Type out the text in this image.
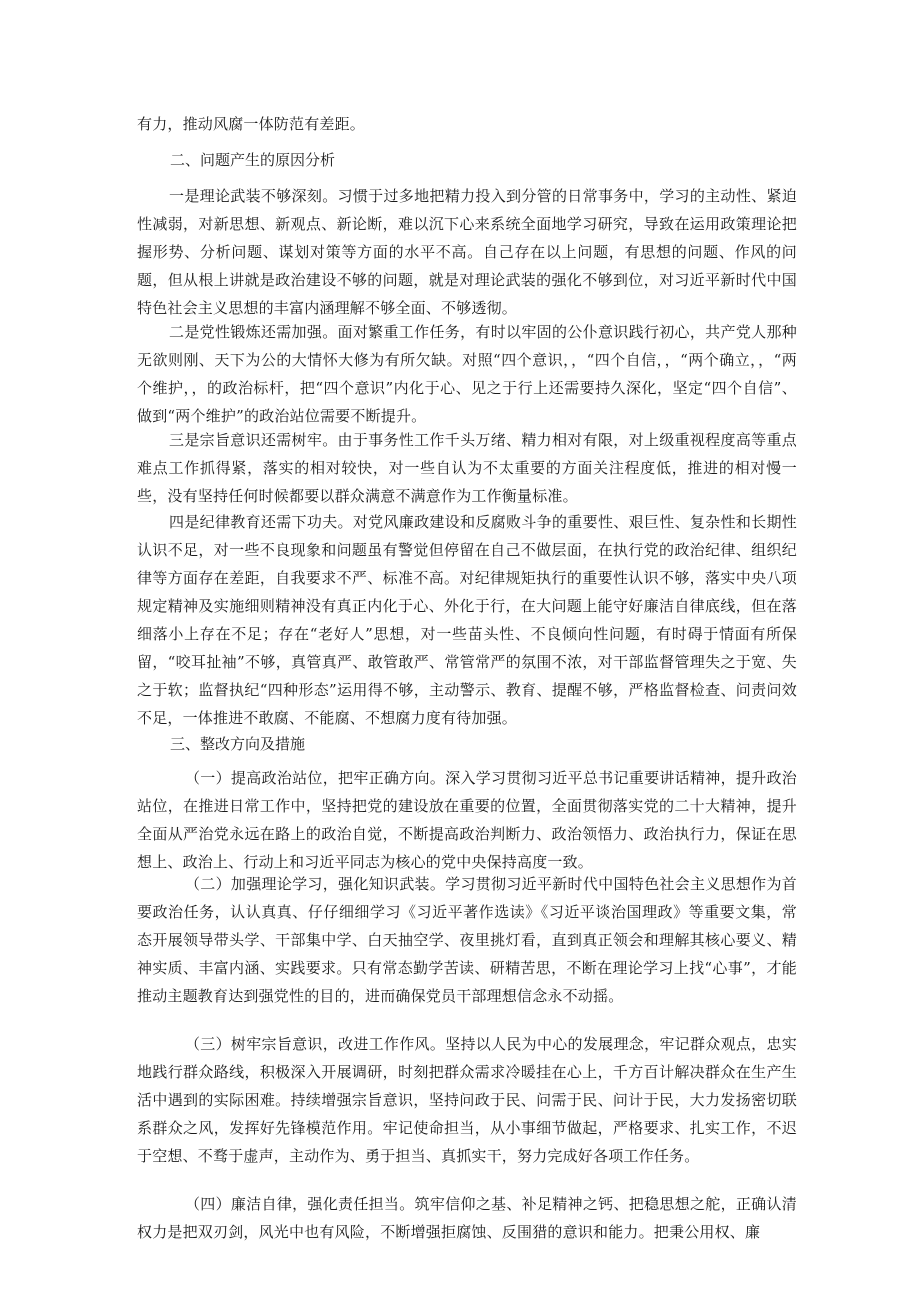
有力，推动风腐一体防范有差距。

二、问题产生的原因分析

一是理论武装不够深刻。习惯于过多地把精力投入到分管的日常事务中，学习的主动性、紧迫性减弱，对新思想、新观点、新论断，难以沉下心来系统全面地学习研究，导致在运用政策理论把握形势、分析问题、谋划对策等方面的水平不高。自己存在以上问题，有思想的问题、作风的问题，但从根上讲就是政治建设不够的问题，就是对理论武装的强化不够到位，对习近平新时代中国特色社会主义思想的丰富内涵理解不够全面、不够透彻。

二是党性锻炼还需加强。面对繁重工作任务，有时以牢固的公仆意识践行初心，共产党人那种无欲则刚、天下为公的大情怀大修为有所欠缺。对照“四个意识，，“四个自信，，“两个确立，，“两个维护，，的政治标杆，把“四个意识”内化于心、见之于行上还需要持久深化，坚定“四个自信”、做到“两个维护”的政治站位需要不断提升。

三是宗旨意识还需树牢。由于事务性工作千头万绪、精力相对有限，对上级重视程度高等重点难点工作抓得紧，落实的相对较快，对一些自认为不太重要的方面关注程度低，推进的相对慢一些，没有坚持任何时候都要以群众满意不满意作为工作衡量标准。

四是纪律教育还需下功夫。对党风廉政建设和反腐败斗争的重要性、艰巨性、复杂性和长期性认识不足，对一些不良现象和问题虽有警觉但停留在自己不做层面，在执行党的政治纪律、组织纪律等方面存在差距，自我要求不严、标准不高。对纪律规矩执行的重要性认识不够，落实中央八项规定精神及实施细则精神没有真正内化于心、外化于行，在大问题上能守好廉洁自律底线，但在落细落小上存在不足；存在“老好人”思想，对一些苗头性、不良倾向性问题，有时碍于情面有所保留，“咬耳扯袖”不够，真管真严、敢管敢严、常管常严的氛围不浓，对干部监督管理失之于宽、失之于软；监督执纪“四种形态”运用得不够，主动警示、教育、提醒不够，严格监督检查、问责问效不足，一体推进不敢腐、不能腐、不想腐力度有待加强。

三、整改方向及措施

（一）提高政治站位，把牢正确方向。深入学习贯彻习近平总书记重要讲话精神，提升政治站位，在推进日常工作中，坚持把党的建设放在重要的位置，全面贯彻落实党的二十大精神，提升全面从严治党永远在路上的政治自觉，不断提高政治判断力、政治领悟力、政治执行力，保证在思想上、政治上、行动上和习近平同志为核心的党中央保持高度一致。

（二）加强理论学习，强化知识武装。学习贯彻习近平新时代中国特色社会主义思想作为首要政治任务，认认真真、仔仔细细学习《习近平著作选读》《习近平谈治国理政》等重要文集，常态开展领导带头学、干部集中学、白天抽空学、夜里挑灯看，直到真正领会和理解其核心要义、精神实质、丰富内涵、实践要求。只有常态勤学苦读、研精苦思，不断在理论学习上找“心事”，才能推动主题教育达到强党性的目的，进而确保党员干部理想信念永不动摇。

（三）树牢宗旨意识，改进工作作风。坚持以人民为中心的发展理念，牢记群众观点，忠实地践行群众路线，积极深入开展调研，时刻把群众需求冷暖挂在心上，千方百计解决群众在生产生活中遇到的实际困难。持续增强宗旨意识，坚持问政于民、问需于民、问计于民，大力发扬密切联系群众之风，发挥好先锋模范作用。牢记使命担当，从小事细节做起，严格要求、扎实工作，不迟于空想、不骛于虚声，主动作为、勇于担当、真抓实干，努力完成好各项工作任务。

（四）廉洁自律，强化责任担当。筑牢信仰之基、补足精神之钙、把稳思想之舵，正确认清权力是把双刃剑，风光中也有风险，不断增强拒腐蚀、反围猎的意识和能力。把秉公用权、廉
